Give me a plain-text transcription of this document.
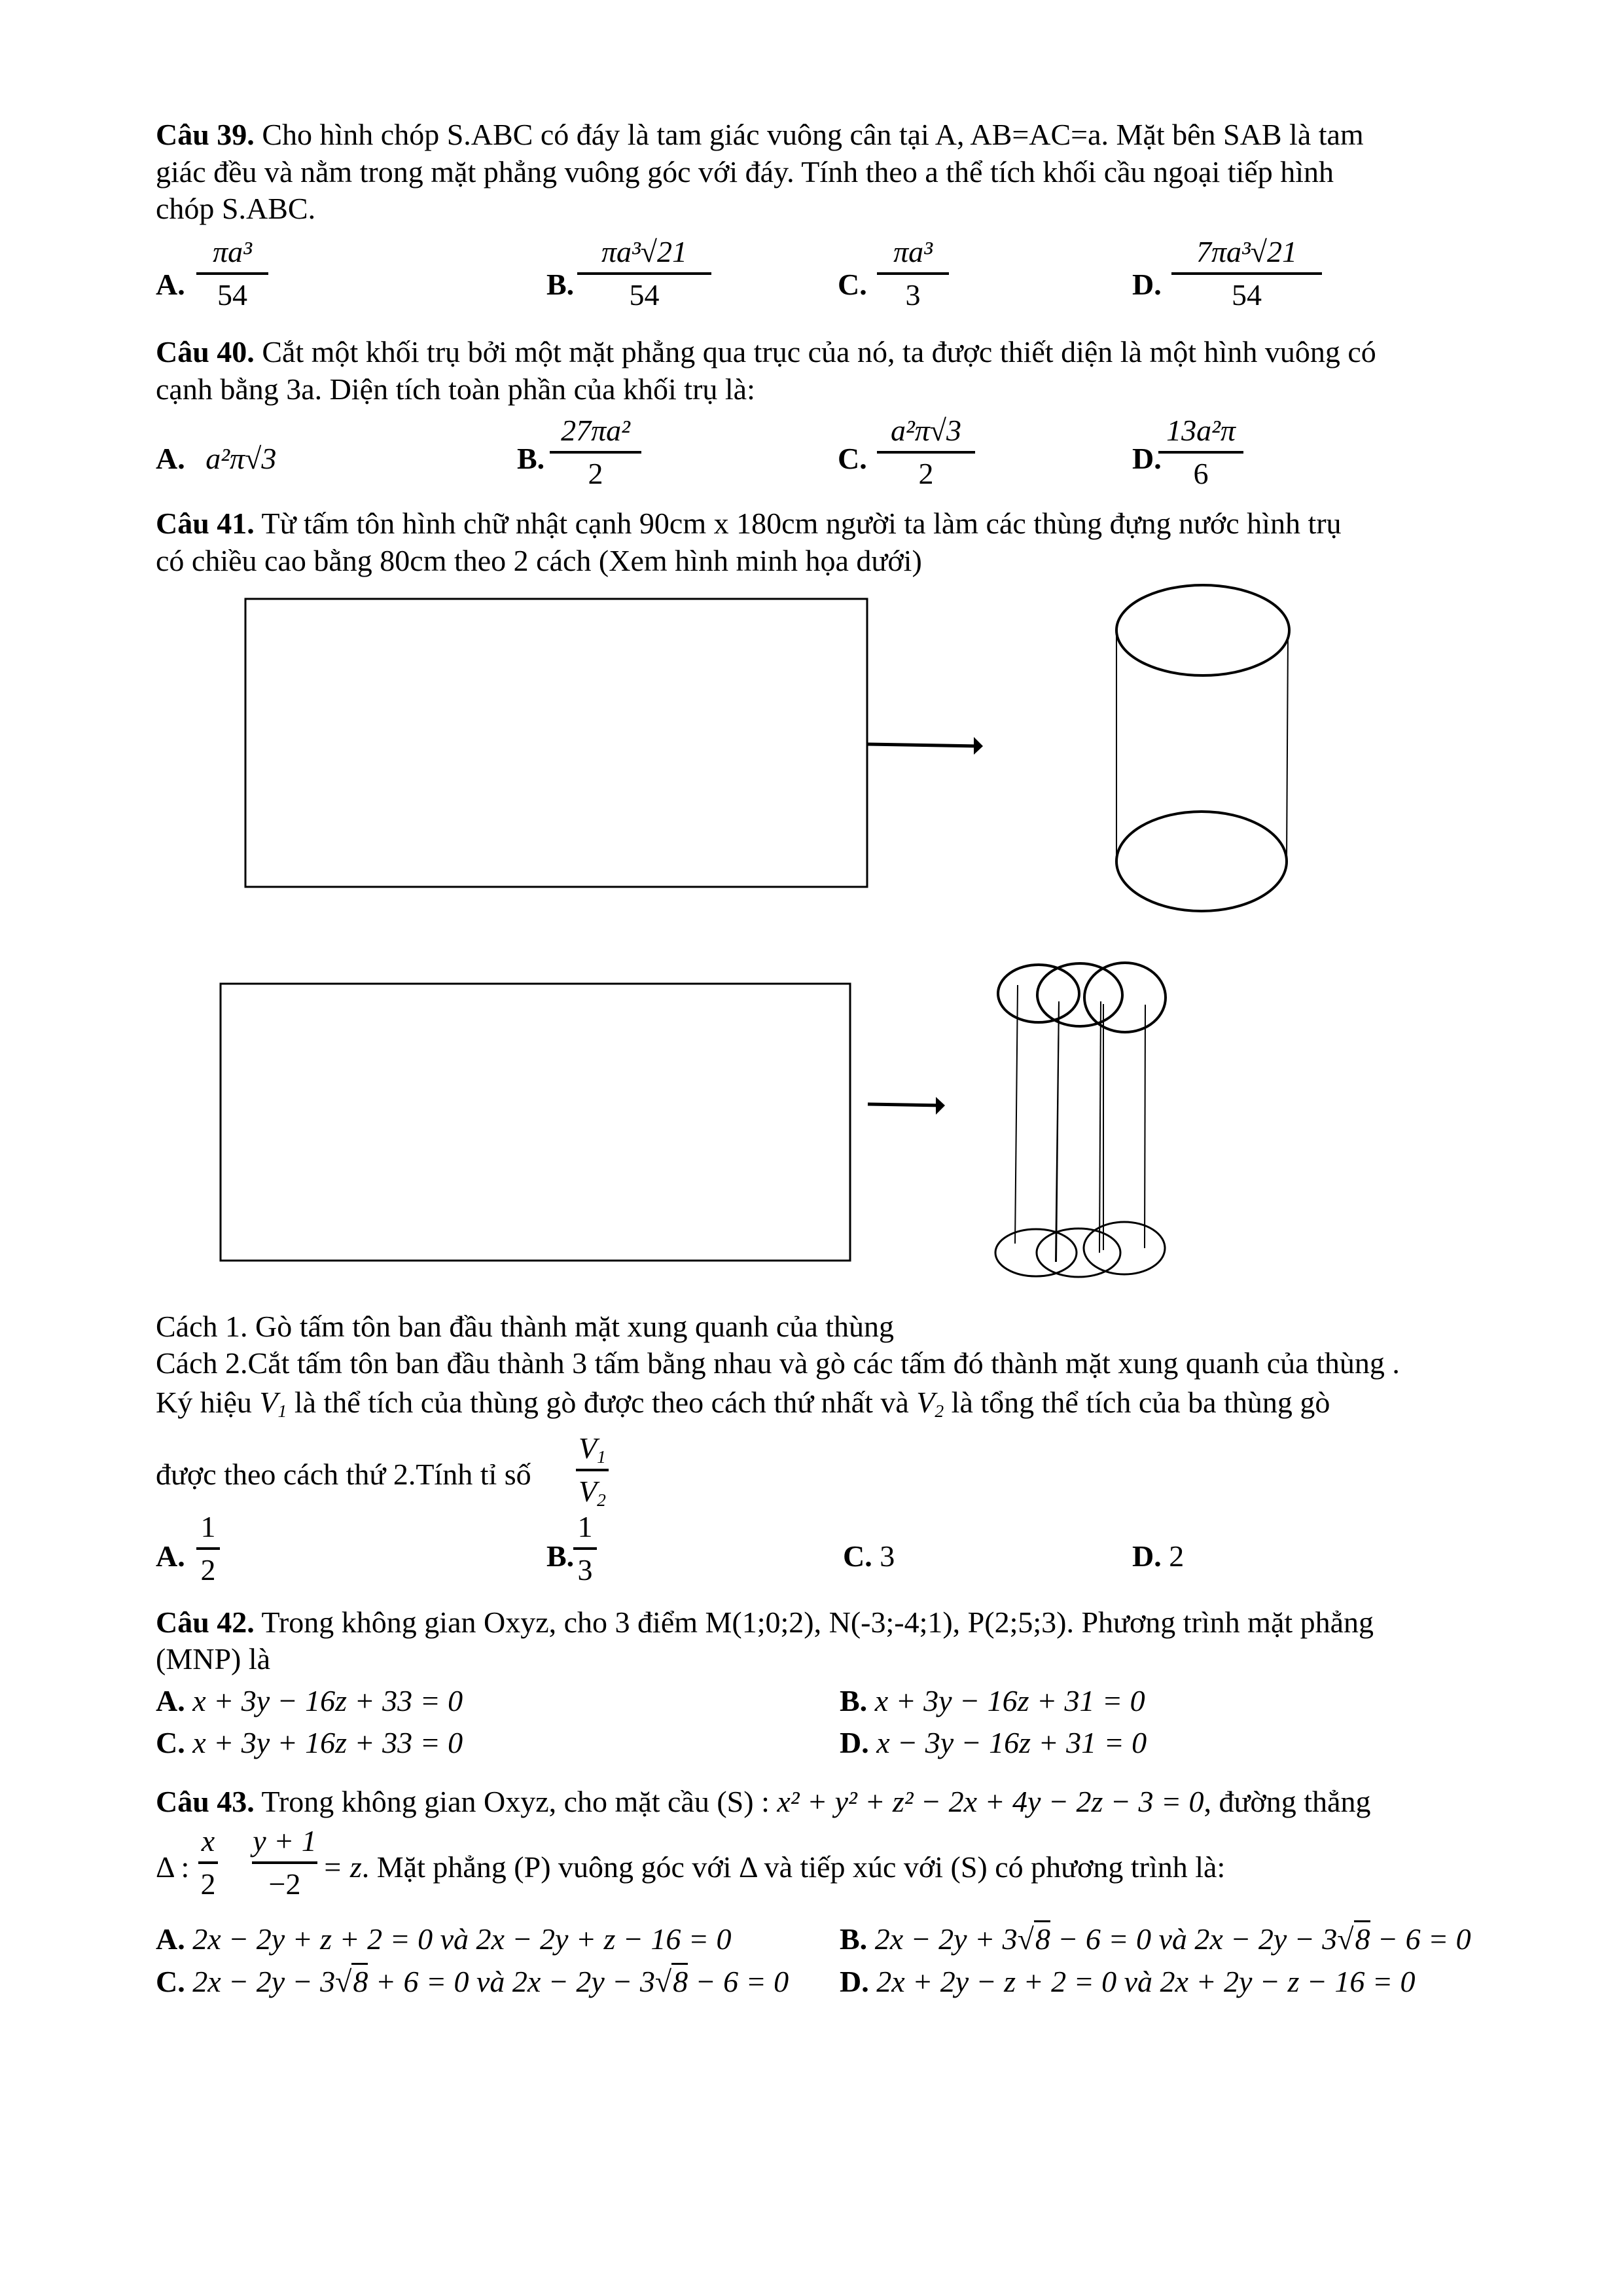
Câu 39. Cho hình chóp S.ABC có đáy là tam giác vuông cân tại A, AB=AC=a. Mặt bên SAB là tam
giác đều và nằm trong mặt phẳng vuông góc với đáy. Tính theo a thể tích khối cầu ngoại tiếp hình
chóp S.ABC.
A.
πa³
54	B.
πa³√21
54	C.
πa³
3	D.
7πa³√21
54
Câu 40. Cắt một khối trụ bởi một mặt phẳng qua trục của nó, ta được thiết diện là một hình vuông có
cạnh bằng 3a. Diện tích toàn phần của khối trụ là:
A. a²π√3	B.
27πa²
2	C.
a²π√3
2	D.
13a²π
6
Câu 41. Từ tấm tôn hình chữ nhật cạnh 90cm x 180cm người ta làm các thùng đựng nước hình trụ
có chiều cao bằng 80cm theo 2 cách (Xem hình minh họa dưới)
Cách 1. Gò tấm tôn ban đầu thành mặt xung quanh của thùng
Cách 2.Cắt tấm tôn ban đầu thành 3 tấm bằng nhau và gò các tấm đó thành mặt xung quanh của thùng .
Ký hiệu $V_1$ là thể tích của thùng gò được theo cách thứ nhất và $V_2$ là tổng thể tích của ba thùng gò
được theo cách thứ 2.Tính tỉ số
$V_1$
$V_2$
A.
1
2	B.
1
3	C. 3	D. 2
Câu 42. Trong không gian Oxyz, cho 3 điểm M(1;0;2), N(-3;-4;1), P(2;5;3). Phương trình mặt phẳng
(MNP) là
A. x + 3y − 16z + 33 = 0	B. x + 3y − 16z + 31 = 0
C. x + 3y + 16z + 33 = 0	D. x − 3y − 16z + 31 = 0
Câu 43. Trong không gian Oxyz, cho mặt cầu (S) : x² + y² + z² − 2x + 4y − 2z − 3 = 0, đường thẳng
Δ :	= z. Mặt phẳng (P) vuông góc với Δ và tiếp xúc với (S) có phương trình là:
x
2
y + 1
−2
A. 2x − 2y + z + 2 = 0 và 2x − 2y + z − 16 = 0	B. 2x − 2y + 3√8 − 6 = 0 và 2x − 2y − 3√8 − 6 = 0
C. 2x − 2y − 3√8 + 6 = 0 và 2x − 2y − 3√8 − 6 = 0 D. 2x + 2y − z + 2 = 0 và 2x + 2y − z − 16 = 0
